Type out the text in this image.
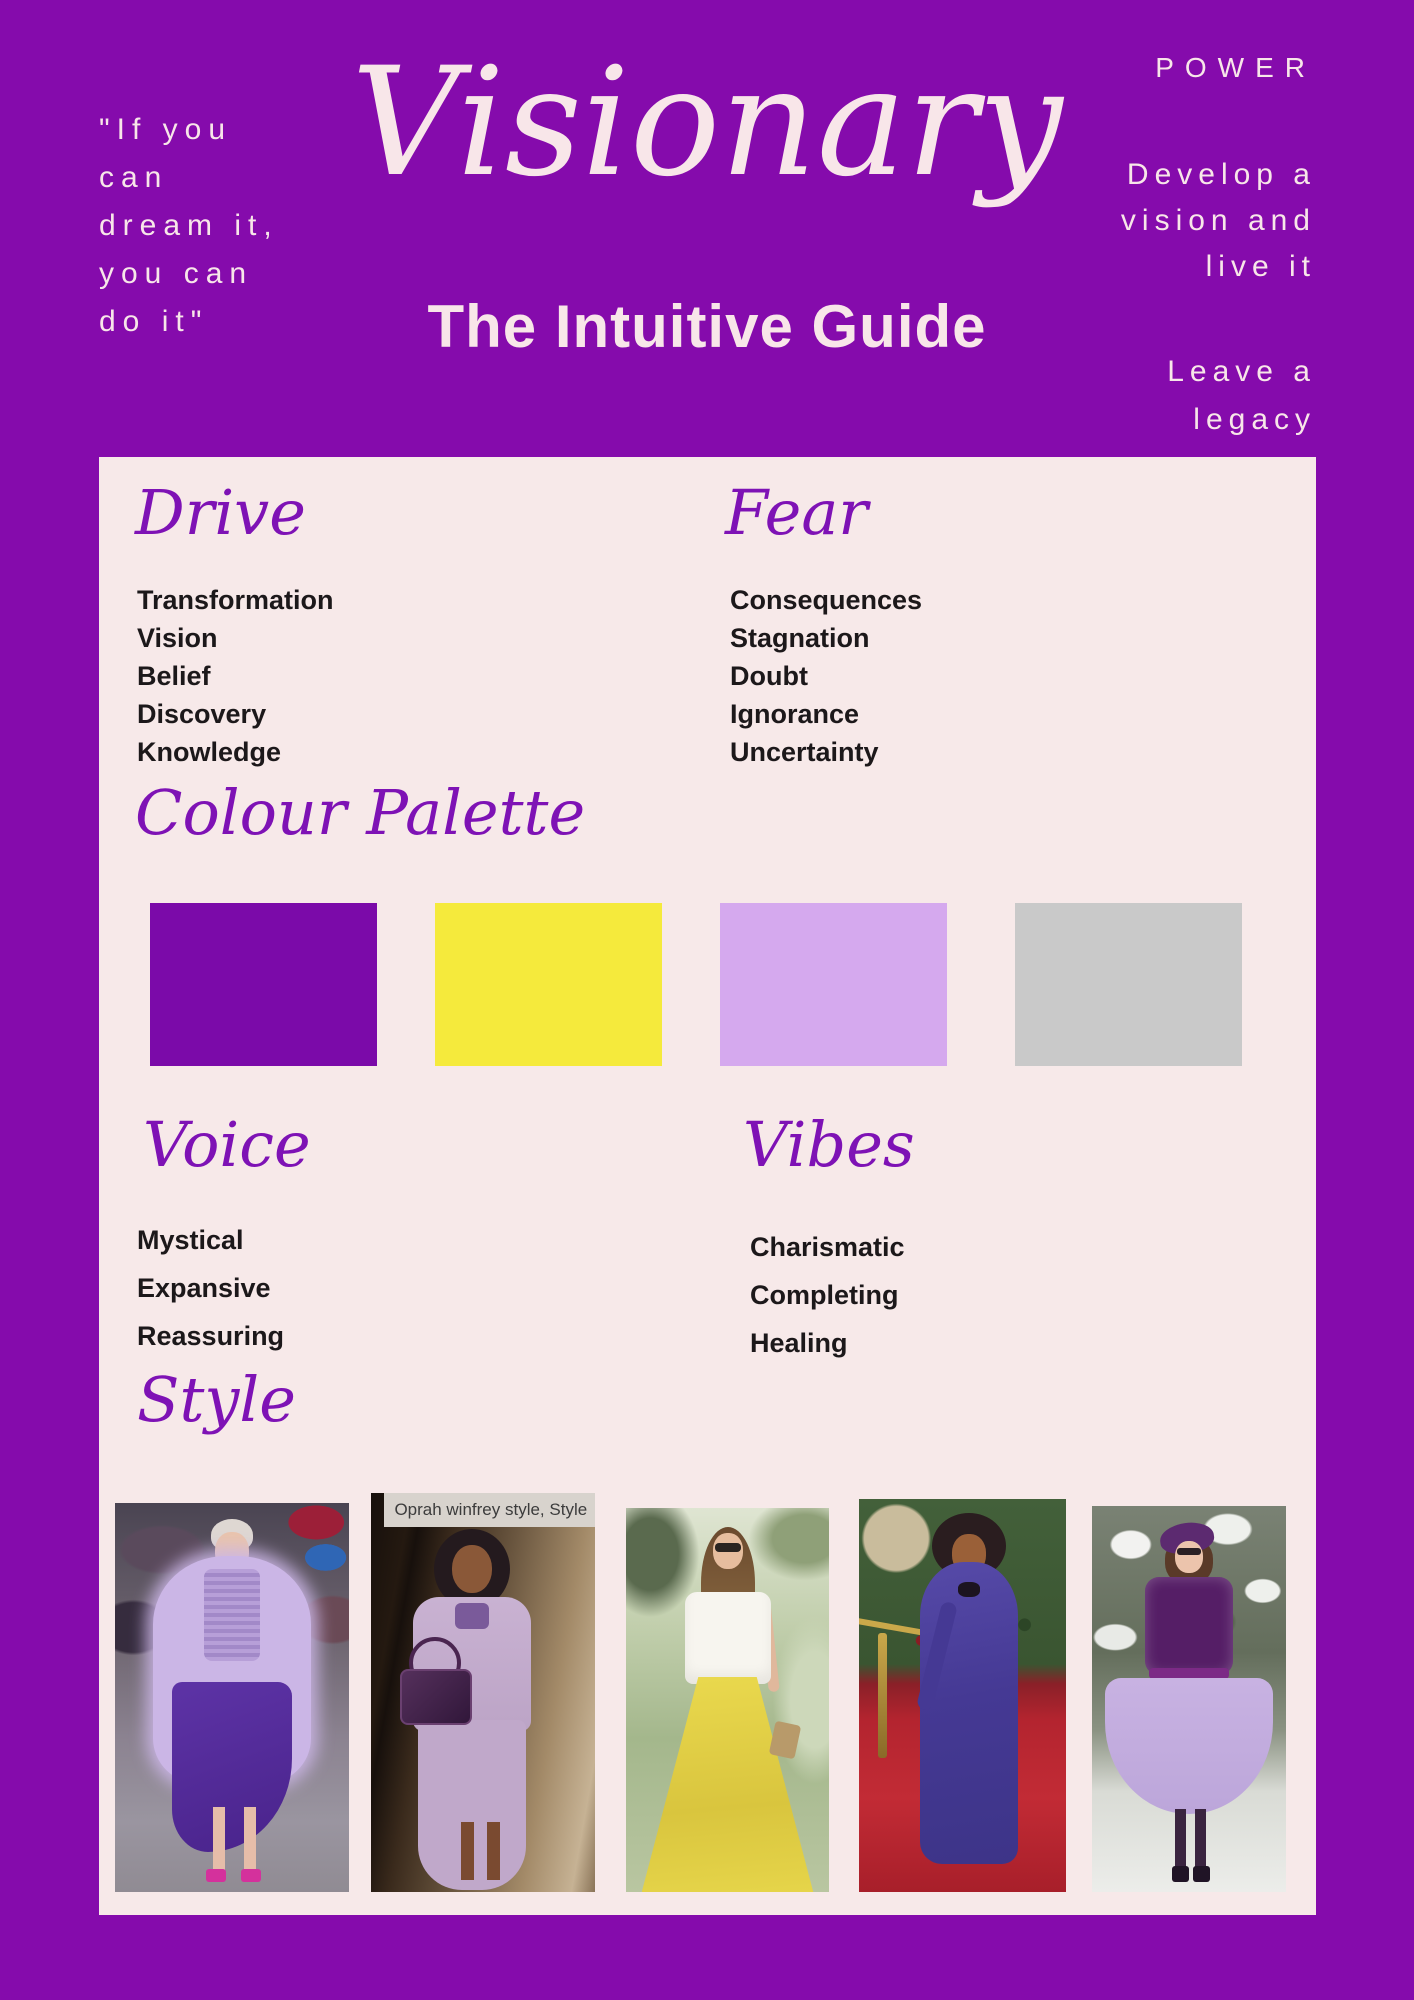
"If you
can
dream it,
you can
do it"
Visionary
The Intuitive Guide
POWER
Develop a
vision and
live it
Leave a
legacy
Drive
Transformation
Vision
Belief
Discovery
Knowledge
Fear
Consequences
Stagnation
Doubt
Ignorance
Uncertainty
Colour Palette
Voice
Mystical
Expansive
Reassuring
Vibes
Charismatic
Completing
Healing
Style
Oprah winfrey style, Style
